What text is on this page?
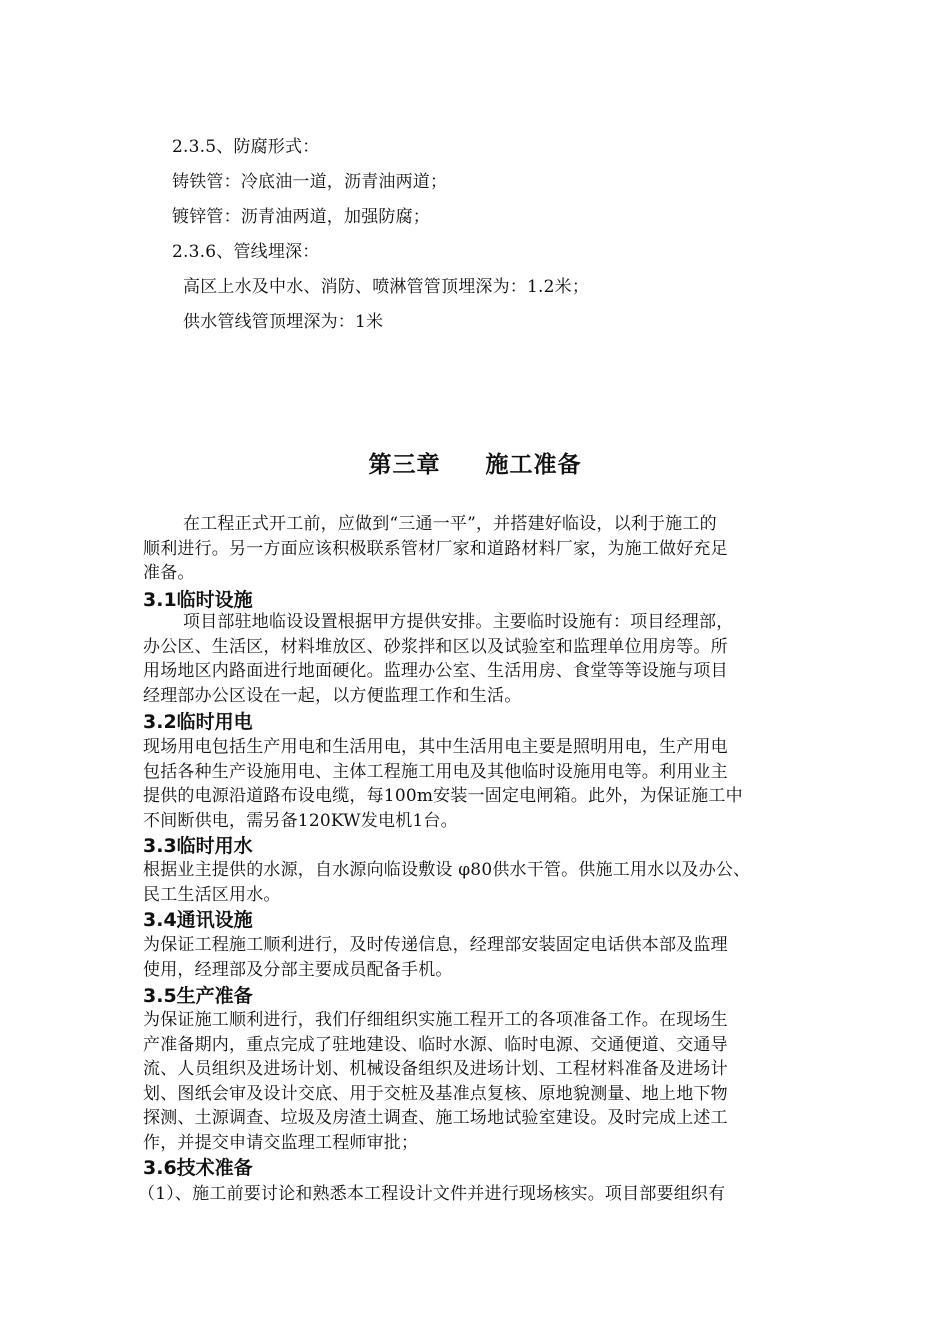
2.3.5、防腐形式：
铸铁管：冷底油一道，沥青油两道；
镀锌管：沥青油两道，加强防腐；
2.3.6、管线埋深：
高区上水及中水、消防、喷淋管管顶埋深为：1.2米；
供水管线管顶埋深为：1米
第三章     施工准备
在工程正式开工前，应做到“三通一平”，并搭建好临设，以利于施工的
顺利进行。另一方面应该积极联系管材厂家和道路材料厂家，为施工做好充足
准备。
3.1临时设施
项目部驻地临设设置根据甲方提供安排。主要临时设施有：项目经理部，
办公区、生活区，材料堆放区、砂浆拌和区以及试验室和监理单位用房等。所
用场地区内路面进行地面硬化。监理办公室、生活用房、食堂等等设施与项目
经理部办公区设在一起，以方便监理工作和生活。
3.2临时用电
现场用电包括生产用电和生活用电，其中生活用电主要是照明用电，生产用电
包括各种生产设施用电、主体工程施工用电及其他临时设施用电等。利用业主
提供的电源沿道路布设电缆，每100m安装一固定电闸箱。此外，为保证施工中
不间断供电，需另备120KW发电机1台。
3.3临时用水
根据业主提供的水源，自水源向临设敷设 φ80供水干管。供施工用水以及办公、
民工生活区用水。
3.4通讯设施
为保证工程施工顺利进行，及时传递信息，经理部安装固定电话供本部及监理
使用，经理部及分部主要成员配备手机。
3.5生产准备
为保证施工顺利进行，我们仔细组织实施工程开工的各项准备工作。在现场生
产准备期内，重点完成了驻地建设、临时水源、临时电源、交通便道、交通导
流、人员组织及进场计划、机械设备组织及进场计划、工程材料准备及进场计
划、图纸会审及设计交底、用于交桩及基准点复核、原地貌测量、地上地下物
探测、土源调查、垃圾及房渣土调查、施工场地试验室建设。及时完成上述工
作，并提交申请交监理工程师审批；
3.6技术准备
（1）、施工前要讨论和熟悉本工程设计文件并进行现场核实。项目部要组织有
